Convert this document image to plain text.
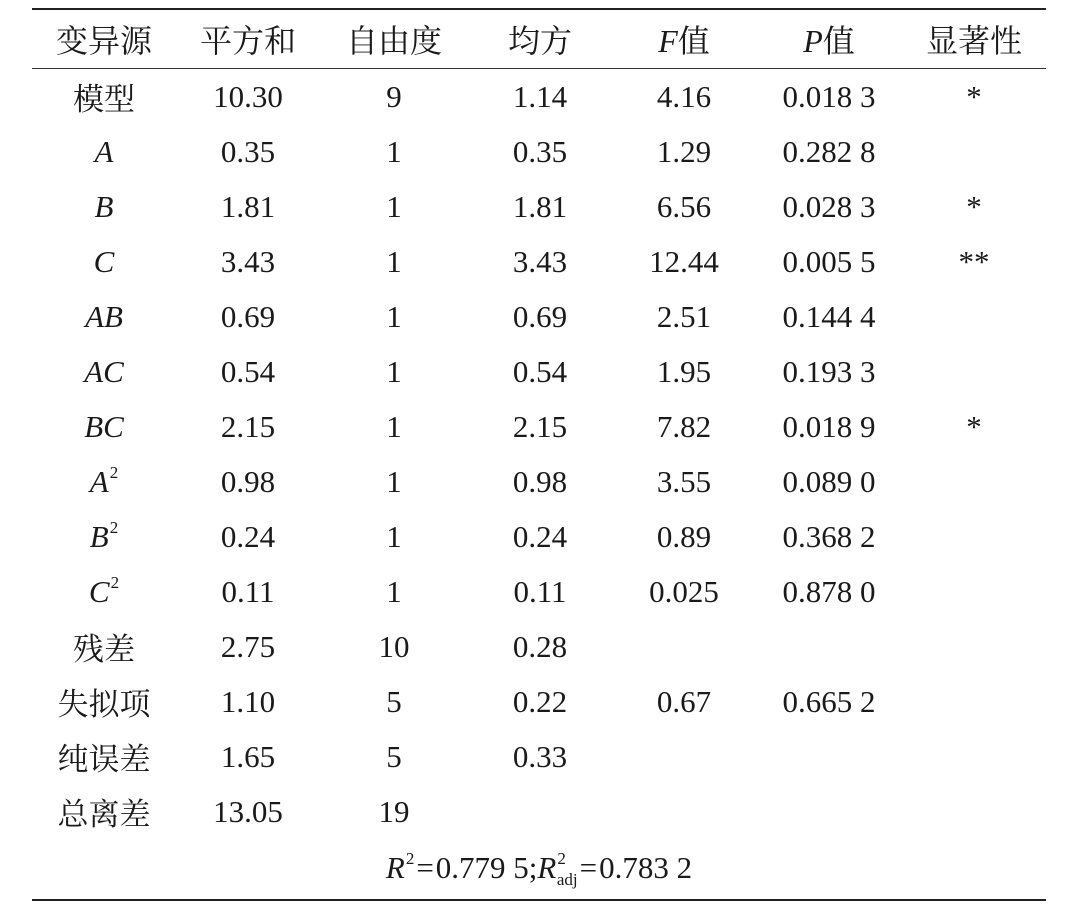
变异源	平方和	自由度	均方	F值	P值	显著性
模型	10.30	9	1.14	4.16	0.018 3	*
A	0.35	1	0.35	1.29	0.282 8	
B	1.81	1	1.81	6.56	0.028 3	*
C	3.43	1	3.43	12.44	0.005 5	**
AB	0.69	1	0.69	2.51	0.144 4	
AC	0.54	1	0.54	1.95	0.193 3	
BC	2.15	1	2.15	7.82	0.018 9	*
$A^2$	0.98	1	0.98	3.55	0.089 0	
$B^2$	0.24	1	0.24	0.89	0.368 2	
$C^2$	0.11	1	0.11	0.025	0.878 0	
残差	2.75	10	0.28			
失拟项	1.10	5	0.22	0.67	0.665 2	
纯误差	1.65	5	0.33			
总离差	13.05	19				
$R^2=0.779$ $5;R^2_{adj}=0.783$ 2						
